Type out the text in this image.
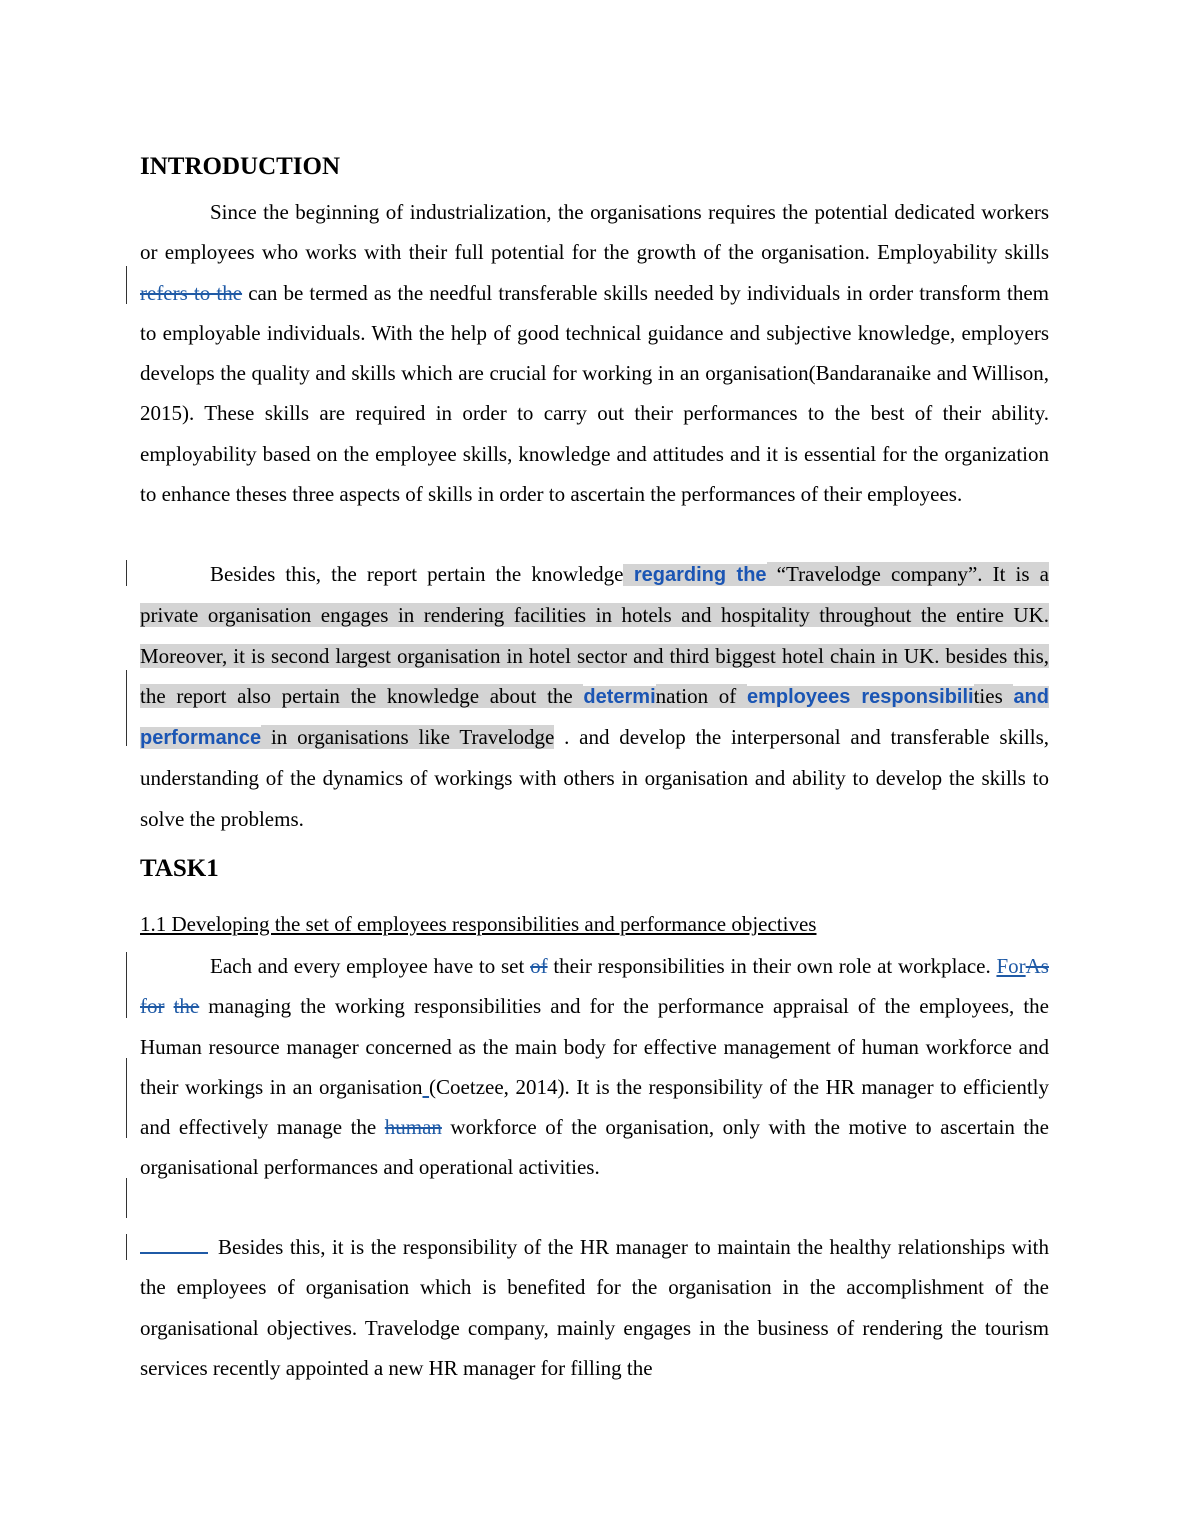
INTRODUCTION

Since the beginning of industrialization, the organisations requires the potential dedicated workers or employees who works with their full potential for the growth of the organisation. Employability skills refers to the can be termed as the needful transferable skills needed by individuals in order transform them to employable individuals. With the help of good technical guidance and subjective knowledge, employers develops the quality and skills which are crucial for working in an organisation(Bandaranaike and Willison, 2015). These skills are required in order to carry out their performances to the best of their ability. employability based on the employee skills, knowledge and attitudes and it is essential for the organization to enhance theses three aspects of skills in order to ascertain the performances of their employees.

Besides this, the report pertain the knowledge regarding the “Travelodge company”. It is a private organisation engages in rendering facilities in hotels and hospitality throughout the entire UK. Moreover, it is second largest organisation in hotel sector and third biggest hotel chain in UK. besides this, the report also pertain the knowledge about the determination of employees responsibilities and performance in organisations like Travelodge . and develop the interpersonal and transferable skills, understanding of the dynamics of workings with others in organisation and ability to develop the skills to solve the problems.

TASK1

1.1 Developing the set of employees responsibilities and performance objectives

Each and every employee have to set of their responsibilities in their own role at workplace. ForAs for the managing the working responsibilities and for the performance appraisal of the employees, the Human resource manager concerned as the main body for effective management of human workforce and their workings in an organisation (Coetzee, 2014). It is the responsibility of the HR manager to efficiently and effectively manage the human workforce of the organisation, only with the motive to ascertain the organisational performances and operational activities.

Besides this, it is the responsibility of the HR manager to maintain the healthy relationships with the employees of organisation which is benefited for the organisation in the accomplishment of the organisational objectives. Travelodge company, mainly engages in the business of rendering the tourism services recently appointed a new HR manager for filling the
